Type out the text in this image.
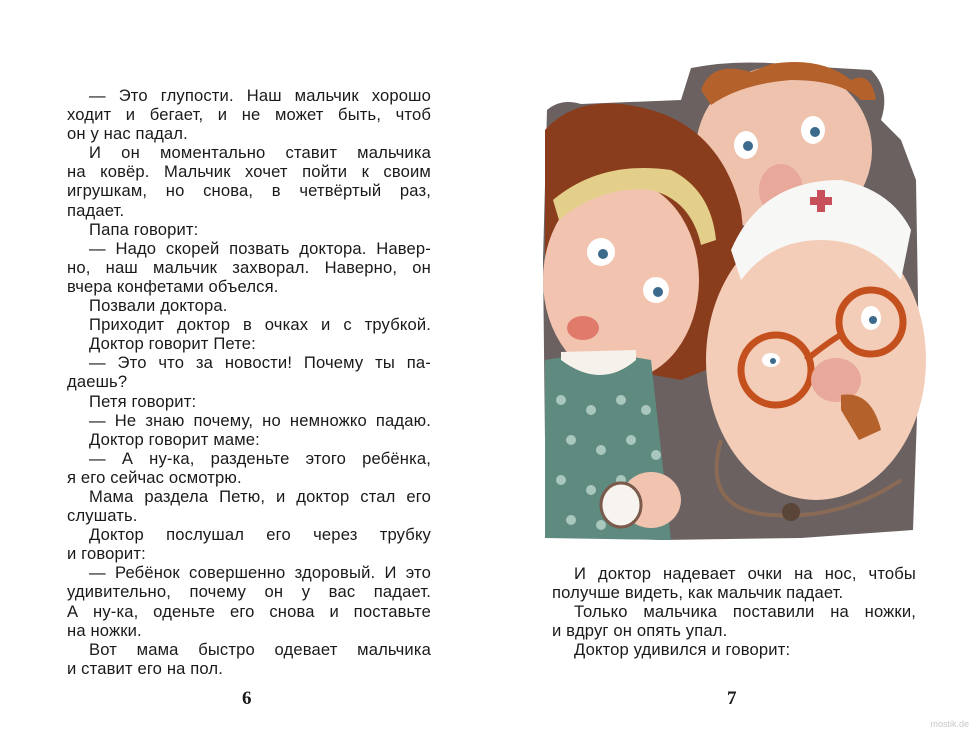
— Это глупости. Наш мальчик хорошо
ходит и бегает, и не может быть, чтоб
он у нас падал.
И он моментально ставит мальчика
на ковёр. Мальчик хочет пойти к своим
игрушкам, но снова, в четвёртый раз,
падает.
Папа говорит:
— Надо скорей позвать доктора. Навер-
но, наш мальчик захворал. Наверно, он
вчера конфетами объелся.
Позвали доктора.
Приходит доктор в очках и с трубкой.
Доктор говорит Пете:
— Это что за новости! Почему ты па-
даешь?
Петя говорит:
— Не знаю почему, но немножко падаю.
Доктор говорит маме:
— А ну-ка, разденьте этого ребёнка,
я его сейчас осмотрю.
Мама раздела Петю, и доктор стал его
слушать.
Доктор послушал его через трубку
и говорит:
— Ребёнок совершенно здоровый. И это
удивительно, почему он у вас падает.
А ну-ка, оденьте его снова и поставьте
на ножки.
Вот мама быстро одевает мальчика
и ставит его на пол.
И доктор надевает очки на нос, чтобы
получше видеть, как мальчик падает.
Только мальчика поставили на ножки,
и вдруг он опять упал.
Доктор удивился и говорит:
6	7
mostik.de
